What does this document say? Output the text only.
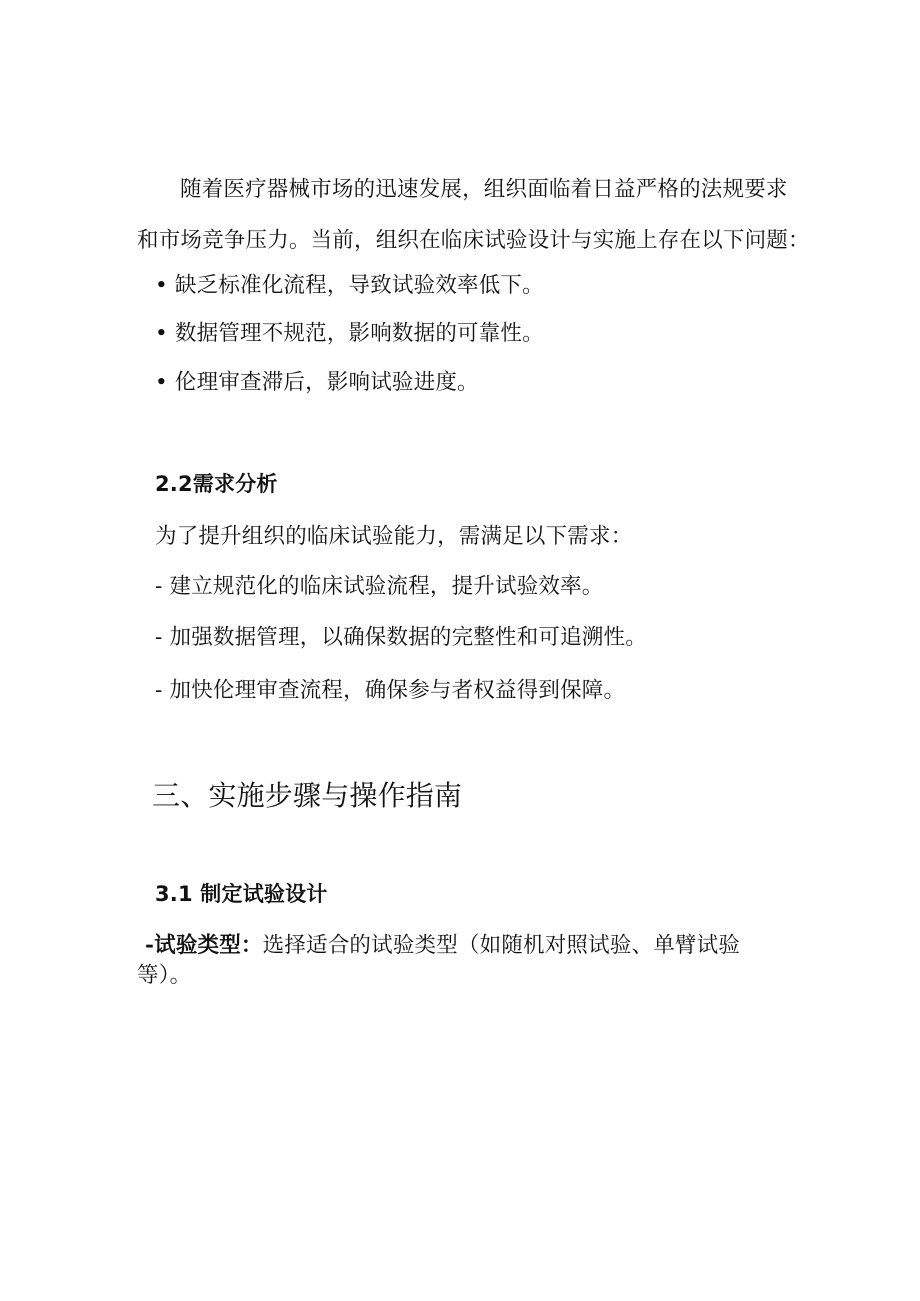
随着医疗器械市场的迅速发展，组织面临着日益严格的法规要求
和市场竞争压力。当前，组织在临床试验设计与实施上存在以下问题：
• 缺乏标准化流程，导致试验效率低下。
• 数据管理不规范，影响数据的可靠性。
• 伦理审查滞后，影响试验进度。
2.2需求分析
为了提升组织的临床试验能力，需满足以下需求：
- 建立规范化的临床试验流程，提升试验效率。
- 加强数据管理，以确保数据的完整性和可追溯性。
- 加快伦理审查流程，确保参与者权益得到保障。
三、实施步骤与操作指南
3.1 制定试验设计
-试验类型：选择适合的试验类型（如随机对照试验、单臂试验
等）。
